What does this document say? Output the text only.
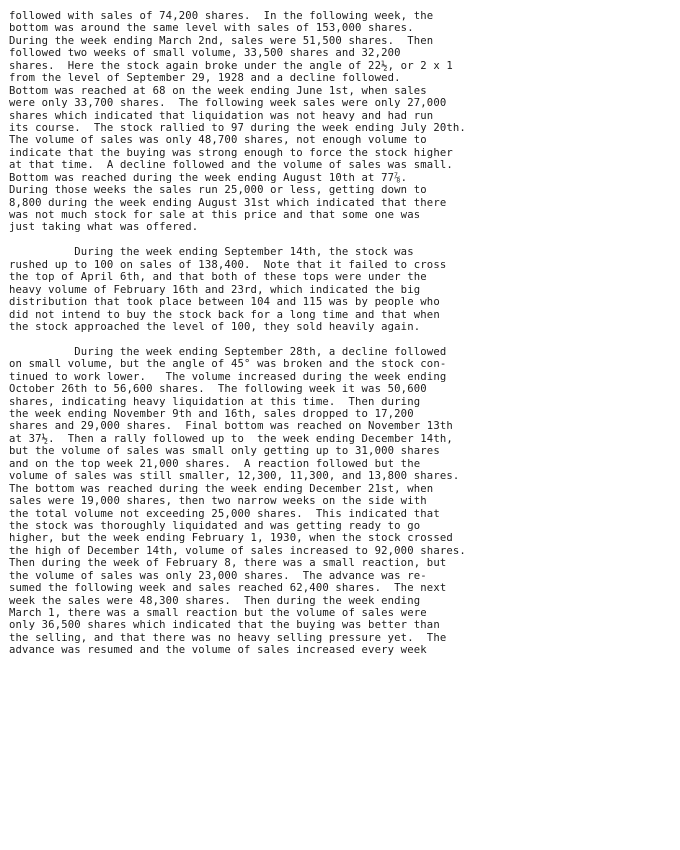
followed with sales of 74,200 shares.  In the following week, the
bottom was around the same level with sales of 153,000 shares.
During the week ending March 2nd, sales were 51,500 shares.  Then
followed two weeks of small volume, 33,500 shares and 32,200
shares.  Here the stock again broke under the angle of 22½, or 2 x 1
from the level of September 29, 1928 and a decline followed.
Bottom was reached at 68 on the week ending June 1st, when sales
were only 33,700 shares.  The following week sales were only 27,000
shares which indicated that liquidation was not heavy and had run
its course.  The stock rallied to 97 during the week ending July 20th.
The volume of sales was only 48,700 shares, not enough volume to
indicate that the buying was strong enough to force the stock higher
at that time.  A decline followed and the volume of sales was small.
Bottom was reached during the week ending August 10th at 77⅞.
During those weeks the sales run 25,000 or less, getting down to
8,800 during the week ending August 31st which indicated that there
was not much stock for sale at this price and that some one was
just taking what was offered.
During the week ending September 14th, the stock was
rushed up to 100 on sales of 138,400.  Note that it failed to cross
the top of April 6th, and that both of these tops were under the
heavy volume of February 16th and 23rd, which indicated the big
distribution that took place between 104 and 115 was by people who
did not intend to buy the stock back for a long time and that when
the stock approached the level of 100, they sold heavily again.
During the week ending September 28th, a decline followed
on small volume, but the angle of 45° was broken and the stock con-
tinued to work lower.   The volume increased during the week ending
October 26th to 56,600 shares.  The following week it was 50,600
shares, indicating heavy liquidation at this time.  Then during
the week ending November 9th and 16th, sales dropped to 17,200
shares and 29,000 shares.  Final bottom was reached on November 13th
at 37½.  Then a rally followed up to  the week ending December 14th,
but the volume of sales was small only getting up to 31,000 shares
and on the top week 21,000 shares.  A reaction followed but the
volume of sales was still smaller, 12,300, 11,300, and 13,800 shares.
The bottom was reached during the week ending December 21st, when
sales were 19,000 shares, then two narrow weeks on the side with
the total volume not exceeding 25,000 shares.  This indicated that
the stock was thoroughly liquidated and was getting ready to go
higher, but the week ending February 1, 1930, when the stock crossed
the high of December 14th, volume of sales increased to 92,000 shares.
Then during the week of February 8, there was a small reaction, but
the volume of sales was only 23,000 shares.  The advance was re-
sumed the following week and sales reached 62,400 shares.  The next
week the sales were 48,300 shares.  Then during the week ending
March 1, there was a small reaction but the volume of sales were
only 36,500 shares which indicated that the buying was better than
the selling, and that there was no heavy selling pressure yet.  The
advance was resumed and the volume of sales increased every week
